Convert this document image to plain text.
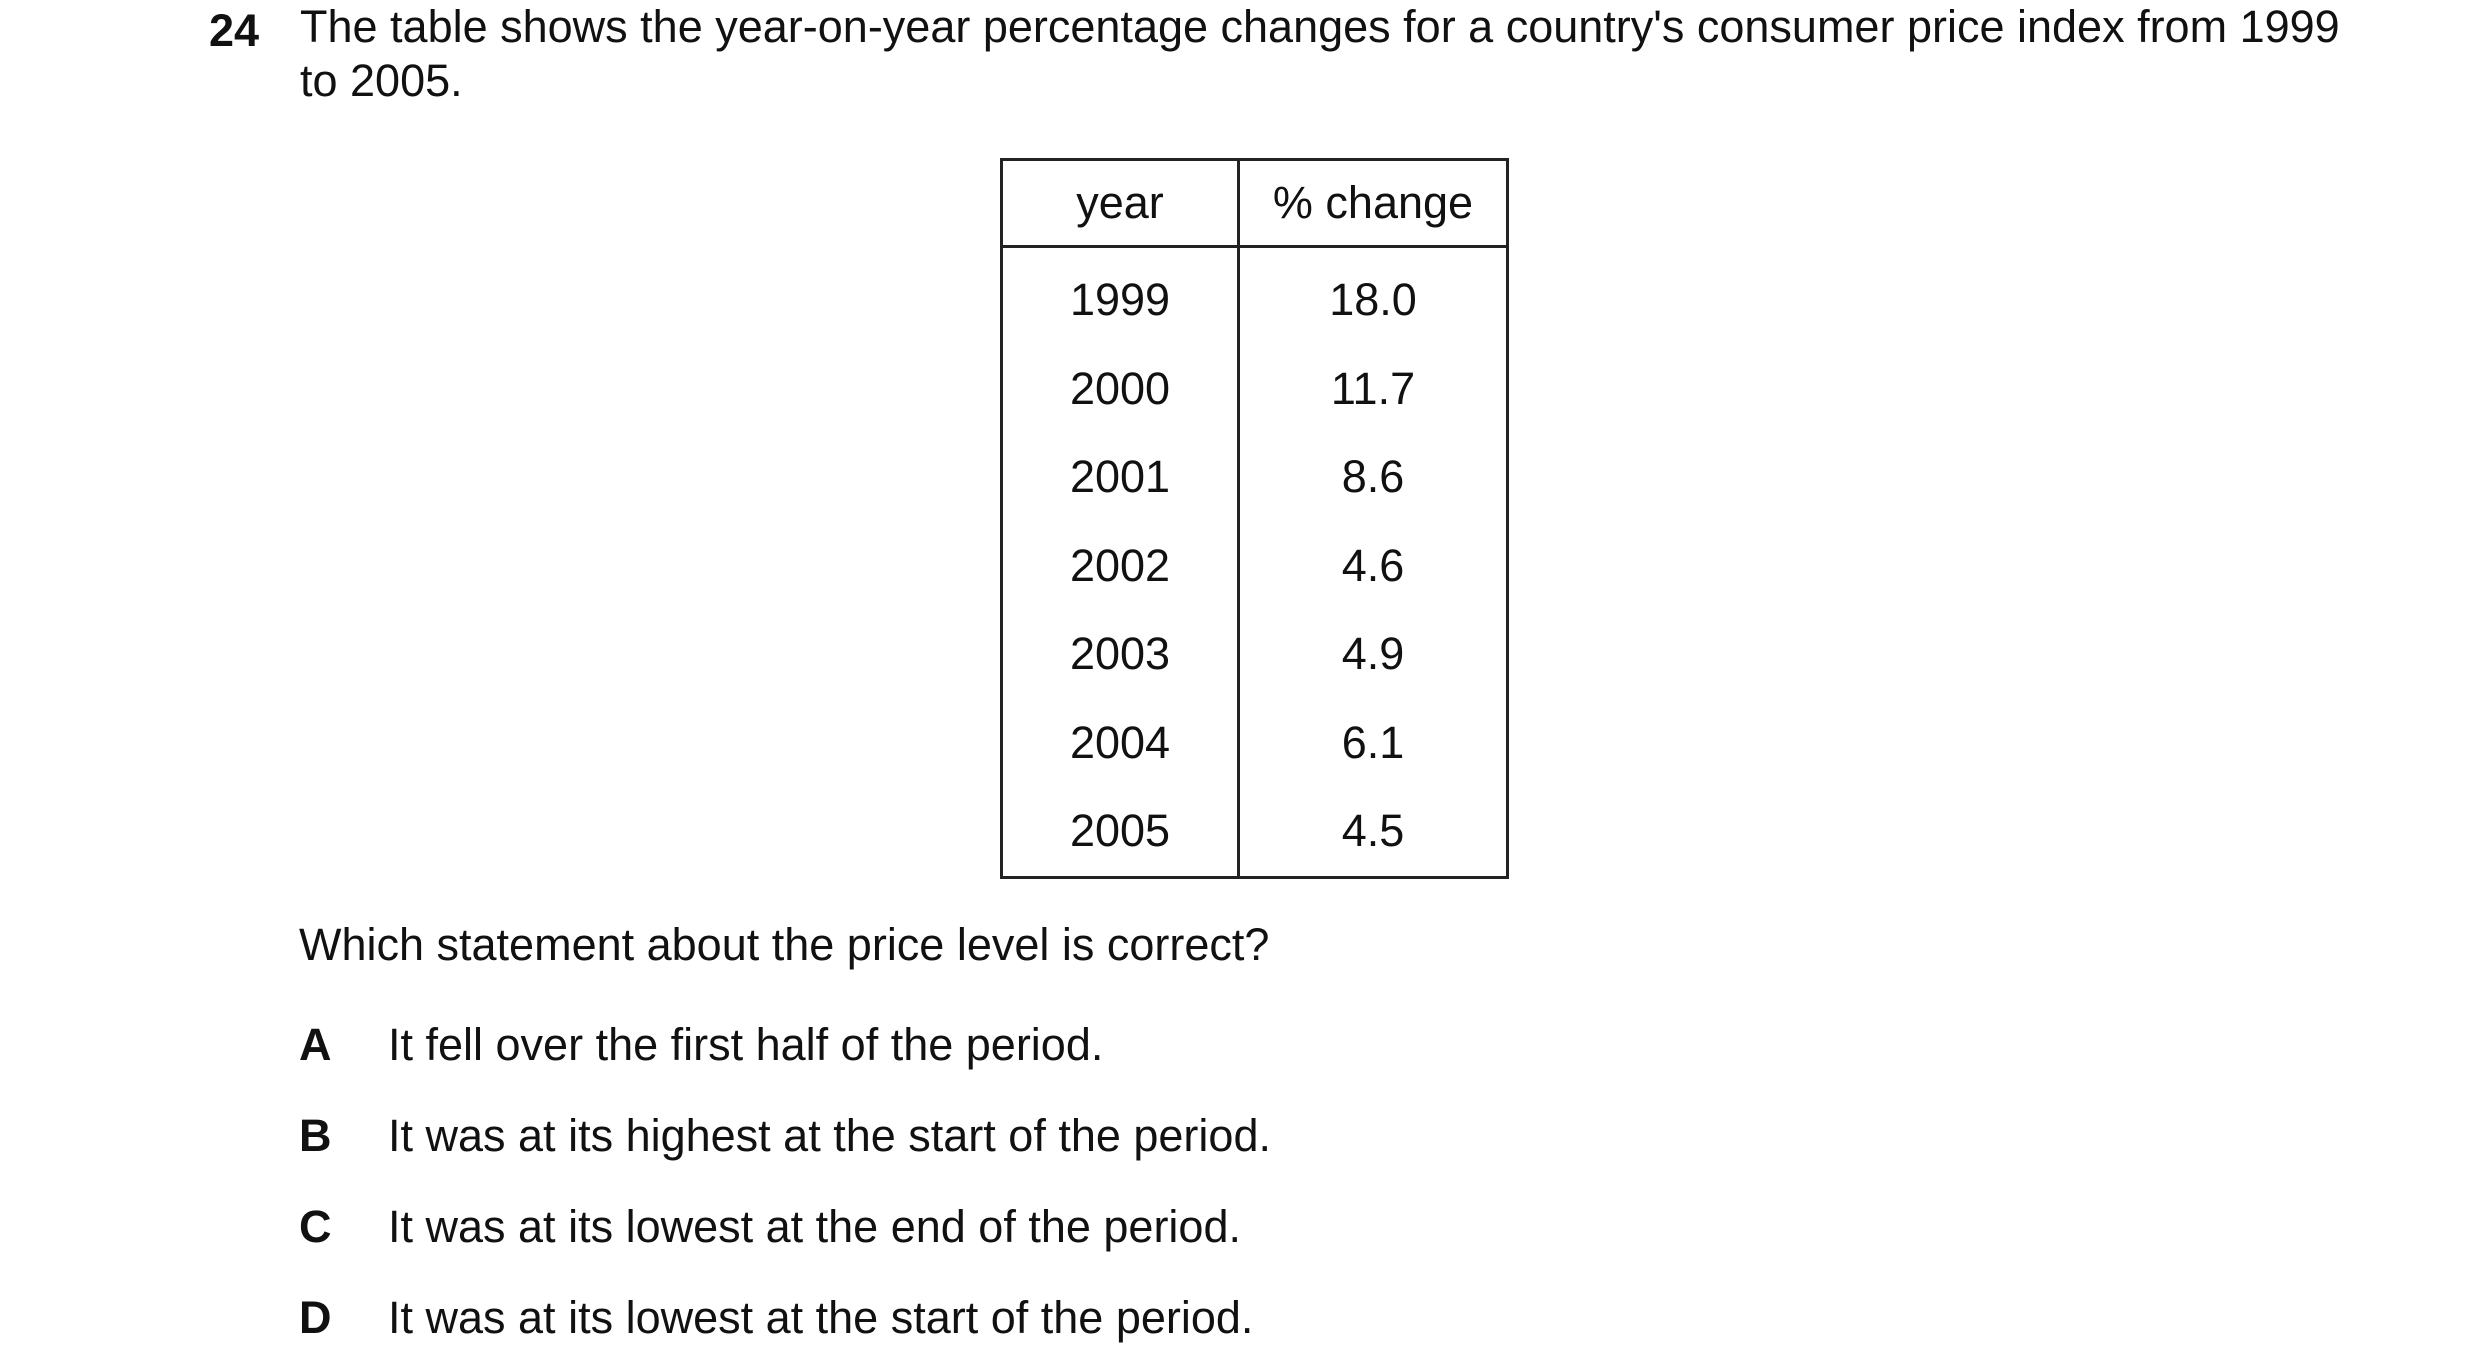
24 The table shows the year-on-year percentage changes for a country's consumer price index from 1999 to 2005.
year	% change
1999	18.0
2000	11.7
2001	8.6
2002	4.6
2003	4.9
2004	6.1
2005	4.5
Which statement about the price level is correct?
A It fell over the first half of the period.
B It was at its highest at the start of the period.
C It was at its lowest at the end of the period.
D It was at its lowest at the start of the period.
